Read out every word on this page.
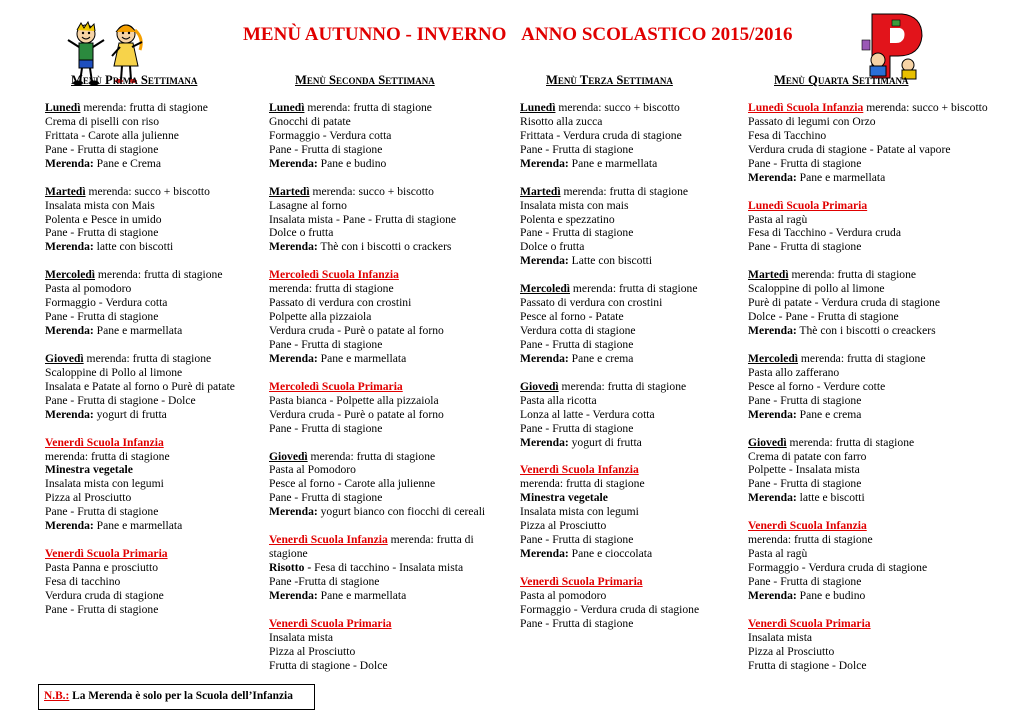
MENÙ AUTUNNO - INVERNO ANNO SCOLASTICO 2015/2016
Menù Prima Settimana
Lunedì merenda: frutta di stagione
Crema di piselli con riso
Frittata - Carote alla julienne
Pane - Frutta di stagione
Merenda: Pane e Crema
Martedì merenda: succo + biscotto
Insalata mista con Mais
Polenta e Pesce in umido
Pane - Frutta di stagione
Merenda: latte con biscotti
Mercoledì merenda: frutta di stagione
Pasta al pomodoro
Formaggio - Verdura cotta
Pane - Frutta di stagione
Merenda: Pane e marmellata
Giovedì merenda: frutta di stagione
Scaloppine di Pollo al limone
Insalata e Patate al forno o Purè di patate
Pane - Frutta di stagione - Dolce
Merenda: yogurt di frutta
Venerdì Scuola Infanzia
merenda: frutta di stagione
Minestra vegetale
Insalata mista con legumi
Pizza al Prosciutto
Pane - Frutta di stagione
Merenda: Pane e marmellata
Venerdì Scuola Primaria
Pasta Panna e prosciutto
Fesa di tacchino
Verdura cruda di stagione
Pane - Frutta di stagione
Menù Seconda Settimana
Lunedì merenda: frutta di stagione
Gnocchi di patate
Formaggio - Verdura cotta
Pane - Frutta di stagione
Merenda: Pane e budino
Martedì merenda: succo + biscotto
Lasagne al forno
Insalata mista - Pane - Frutta di stagione
Dolce o frutta
Merenda: Thè con i biscotti o crackers
Mercoledì Scuola Infanzia
merenda: frutta di stagione
Passato di verdura con crostini
Polpette alla pizzaiola
Verdura cruda - Purè o patate al forno
Pane - Frutta di stagione
Merenda: Pane e marmellata
Mercoledì Scuola Primaria
Pasta bianca - Polpette alla pizzaiola
Verdura cruda - Purè o patate al forno
Pane - Frutta di stagione
Giovedì merenda: frutta di stagione
Pasta al Pomodoro
Pesce al forno - Carote alla julienne
Pane - Frutta di stagione
Merenda: yogurt bianco con fiocchi di cereali
Venerdì Scuola Infanzia merenda: frutta di
stagione
Risotto - Fesa di tacchino - Insalata mista
Pane -Frutta di stagione
Merenda: Pane e marmellata
Venerdì Scuola Primaria
Insalata mista
Pizza al Prosciutto
Frutta di stagione - Dolce
Menù Terza Settimana
Lunedì merenda: succo + biscotto
Risotto alla zucca
Frittata - Verdura cruda di stagione
Pane - Frutta di stagione
Merenda: Pane e marmellata
Martedì merenda: frutta di stagione
Insalata mista con mais
Polenta e spezzatino
Pane - Frutta di stagione
Dolce o frutta
Merenda: Latte con biscotti
Mercoledì merenda: frutta di stagione
Passato di verdura con crostini
Pesce al forno - Patate
Verdura cotta di stagione
Pane - Frutta di stagione
Merenda: Pane e crema
Giovedì merenda: frutta di stagione
Pasta alla ricotta
Lonza al latte - Verdura cotta
Pane - Frutta di stagione
Merenda: yogurt di frutta
Venerdì Scuola Infanzia
merenda: frutta di stagione
Minestra vegetale
Insalata mista con legumi
Pizza al Prosciutto
Pane - Frutta di stagione
Merenda: Pane e cioccolata
Venerdì Scuola Primaria
Pasta al pomodoro
Formaggio - Verdura cruda di stagione
Pane - Frutta di stagione
Menù Quarta Settimana
Lunedì Scuola Infanzia merenda: succo + biscotto
Passato di legumi con Orzo
Fesa di Tacchino
Verdura cruda di stagione - Patate al vapore
Pane - Frutta di stagione
Merenda: Pane e marmellata
Lunedì Scuola Primaria
Pasta al ragù
Fesa di Tacchino - Verdura cruda
Pane - Frutta di stagione
Martedì merenda: frutta di stagione
Scaloppine di pollo al limone
Purè di patate - Verdura cruda di stagione
Dolce - Pane - Frutta di stagione
Merenda: Thè con i biscotti o creackers
Mercoledì merenda: frutta di stagione
Pasta allo zafferano
Pesce al forno - Verdure cotte
Pane - Frutta di stagione
Merenda: Pane e crema
Giovedì merenda: frutta di stagione
Crema di patate con farro
Polpette - Insalata mista
Pane - Frutta di stagione
Merenda: latte e biscotti
Venerdì Scuola Infanzia
merenda: frutta di stagione
Pasta al ragù
Formaggio - Verdura cruda di stagione
Pane - Frutta di stagione
Merenda: Pane e budino
Venerdì Scuola Primaria
Insalata mista
Pizza al Prosciutto
Frutta di stagione - Dolce
N.B.: La Merenda è solo per la Scuola dell’Infanzia
